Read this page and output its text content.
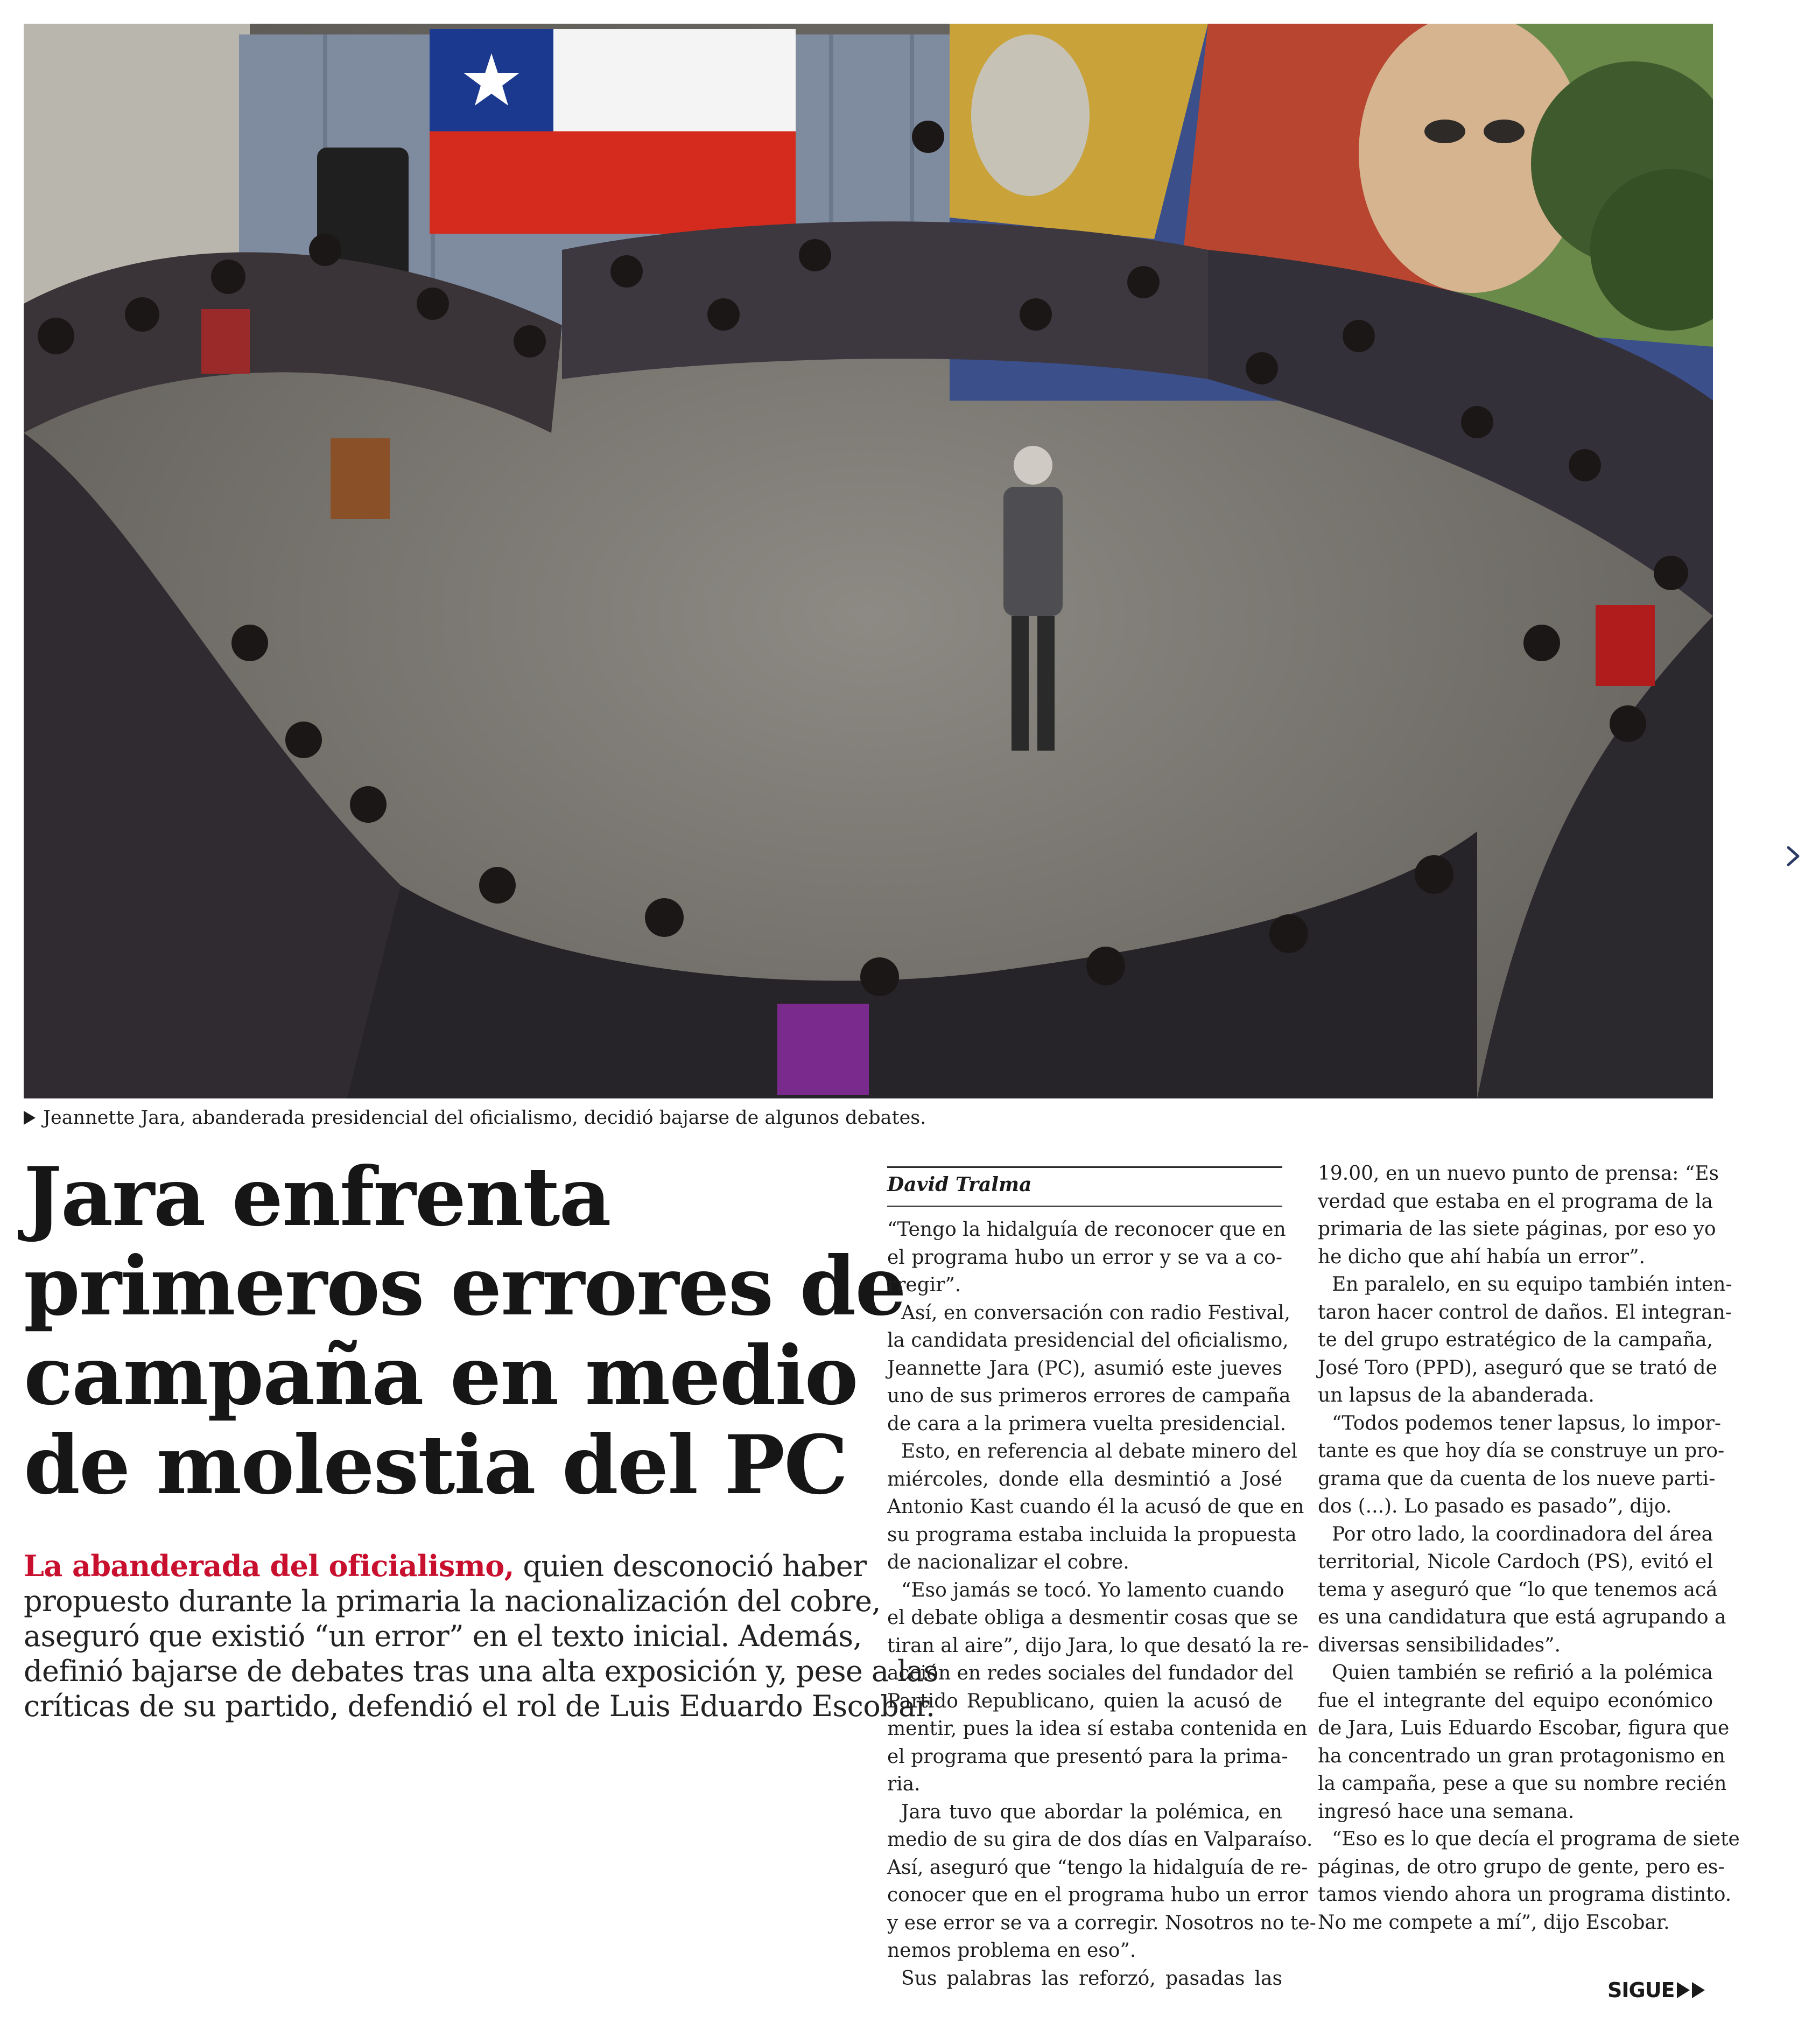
Jeannette Jara, abanderada presidencial del oficialismo, decidió bajarse de algunos debates.
Jara enfrenta
primeros errores de
campaña en medio
de molestia del PC
La abanderada del oficialismo, quien desconoció haber
propuesto durante la primaria la nacionalización del cobre,
aseguró que existió “un error” en el texto inicial. Además,
definió bajarse de debates tras una alta exposición y, pese a las
críticas de su partido, defendió el rol de Luis Eduardo Escobar.
David Tralma
“Tengo la hidalguía de reconocer que en
el programa hubo un error y se va a co-
rregir”.
Así, en conversación con radio Festival,
la candidata presidencial del oficialismo,
Jeannette Jara (PC), asumió este jueves
uno de sus primeros errores de campaña
de cara a la primera vuelta presidencial.
Esto, en referencia al debate minero del
miércoles, donde ella desmintió a José
Antonio Kast cuando él la acusó de que en
su programa estaba incluida la propuesta
de nacionalizar el cobre.
“Eso jamás se tocó. Yo lamento cuando
el debate obliga a desmentir cosas que se
tiran al aire”, dijo Jara, lo que desató la re-
acción en redes sociales del fundador del
Partido Republicano, quien la acusó de
mentir, pues la idea sí estaba contenida en
el programa que presentó para la prima-
ria.
Jara tuvo que abordar la polémica, en
medio de su gira de dos días en Valparaíso.
Así, aseguró que “tengo la hidalguía de re-
conocer que en el programa hubo un error
y ese error se va a corregir. Nosotros no te-
nemos problema en eso”.
Sus palabras las reforzó, pasadas las
19.00, en un nuevo punto de prensa: “Es
verdad que estaba en el programa de la
primaria de las siete páginas, por eso yo
he dicho que ahí había un error”.
En paralelo, en su equipo también inten-
taron hacer control de daños. El integran-
te del grupo estratégico de la campaña,
José Toro (PPD), aseguró que se trató de
un lapsus de la abanderada.
“Todos podemos tener lapsus, lo impor-
tante es que hoy día se construye un pro-
grama que da cuenta de los nueve parti-
dos (...). Lo pasado es pasado”, dijo.
Por otro lado, la coordinadora del área
territorial, Nicole Cardoch (PS), evitó el
tema y aseguró que “lo que tenemos acá
es una candidatura que está agrupando a
diversas sensibilidades”.
Quien también se refirió a la polémica
fue el integrante del equipo económico
de Jara, Luis Eduardo Escobar, figura que
ha concentrado un gran protagonismo en
la campaña, pese a que su nombre recién
ingresó hace una semana.
“Eso es lo que decía el programa de siete
páginas, de otro grupo de gente, pero es-
tamos viendo ahora un programa distinto.
No me compete a mí”, dijo Escobar.
SIGUE
